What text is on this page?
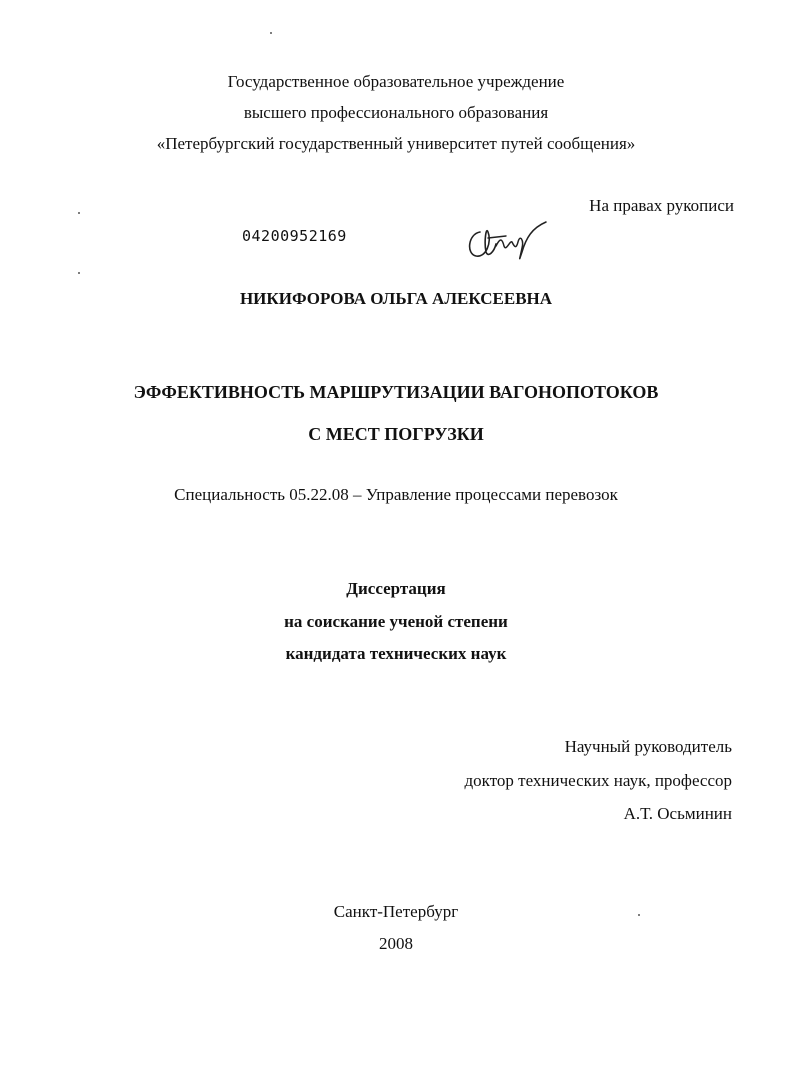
Государственное образовательное учреждение
высшего профессионального образования
«Петербургский государственный университет путей сообщения»
На правах рукописи
04200952169
НИКИФОРОВА ОЛЬГА АЛЕКСЕЕВНА
ЭФФЕКТИВНОСТЬ МАРШРУТИЗАЦИИ ВАГОНОПОТОКОВ
С МЕСТ ПОГРУЗКИ
Специальность 05.22.08 – Управление процессами перевозок
Диссертация
на соискание ученой степени
кандидата технических наук
Научный руководитель
доктор технических наук, профессор
А.Т. Осьминин
Санкт-Петербург
2008
